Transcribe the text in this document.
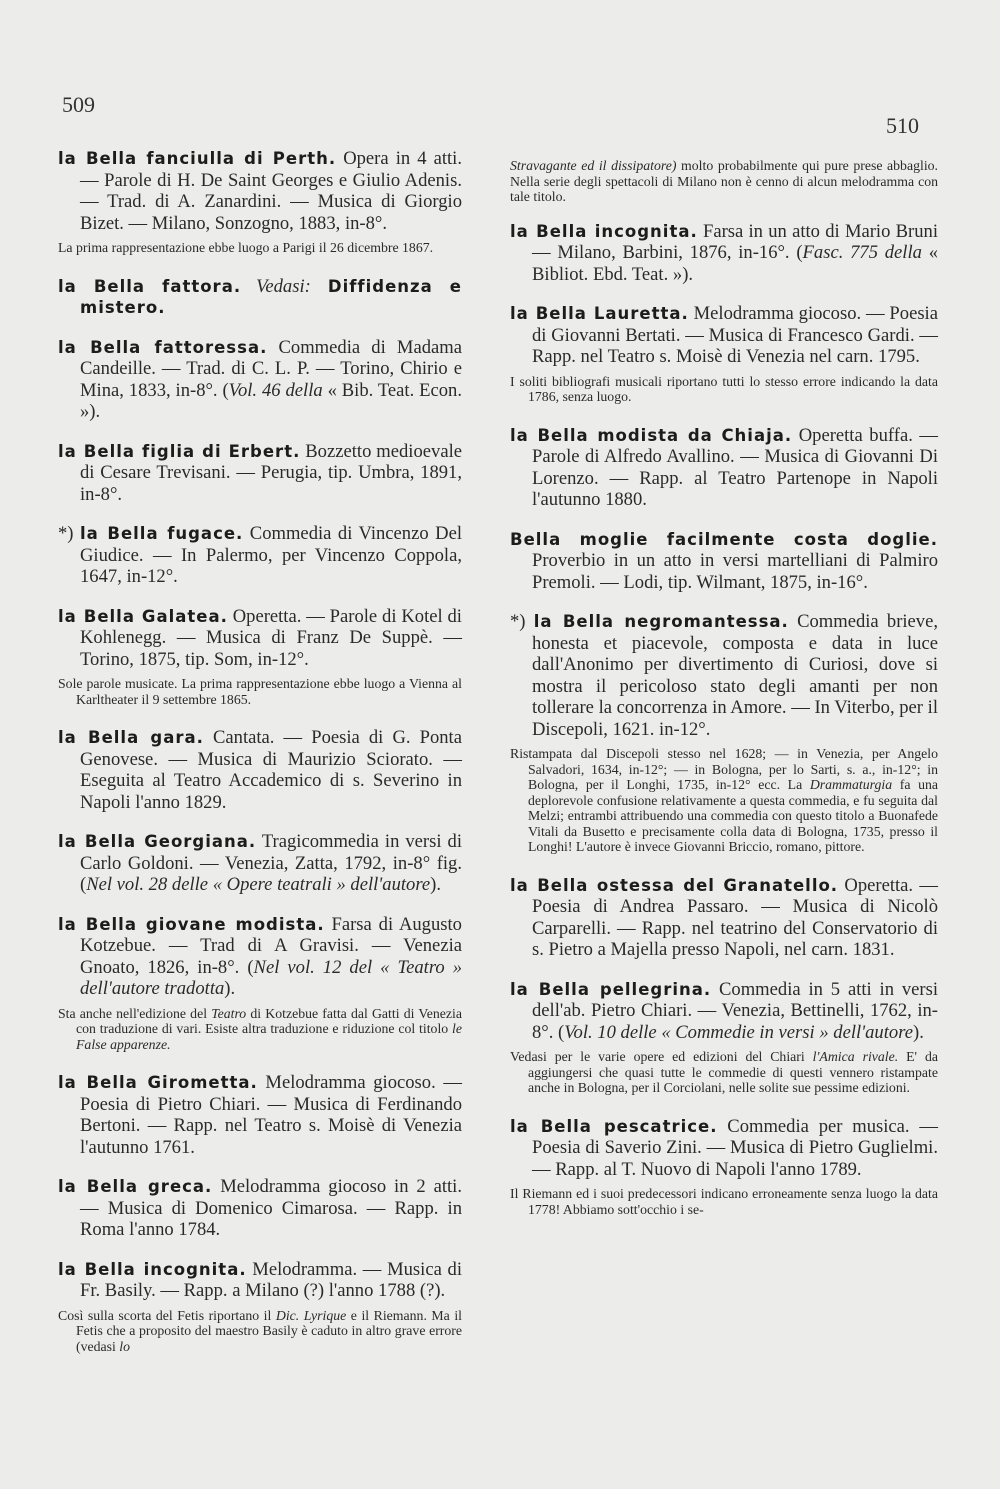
509
510

la Bella fanciulla di Perth. Opera in 4 atti. — Parole di H. De Saint Georges e Giulio Adenis. — Trad. di A. Zanardini. — Musica di Giorgio Bizet. — Milano, Sonzogno, 1883, in-8°.

La prima rappresentazione ebbe luogo a Parigi il 26 dicembre 1867.

la Bella fattora. Vedasi: Diffidenza e mistero.

la Bella fattoressa. Commedia di Madama Candeille. — Trad. di C. L. P. — Torino, Chirio e Mina, 1833, in-8°. (Vol. 46 della « Bib. Teat. Econ. »).

la Bella figlia di Erbert. Bozzetto medioevale di Cesare Trevisani. — Perugia, tip. Umbra, 1891, in-8°.

*) la Bella fugace. Commedia di Vincenzo Del Giudice. — In Palermo, per Vincenzo Coppola, 1647, in-12°.

la Bella Galatea. Operetta. — Parole di Kotel di Kohlenegg. — Musica di Franz De Suppè. — Torino, 1875, tip. Som, in-12°.

Sole parole musicate. La prima rappresentazione ebbe luogo a Vienna al Karltheater il 9 settembre 1865.

la Bella gara. Cantata. — Poesia di G. Ponta Genovese. — Musica di Maurizio Sciorato. — Eseguita al Teatro Accademico di s. Severino in Napoli l'anno 1829.

la Bella Georgiana. Tragicommedia in versi di Carlo Goldoni. — Venezia, Zatta, 1792, in-8° fig. (Nel vol. 28 delle « Opere teatrali » dell'autore).

la Bella giovane modista. Farsa di Augusto Kotzebue. — Trad di A Gravisi. — Venezia Gnoato, 1826, in-8°. (Nel vol. 12 del « Teatro » dell'autore tradotta).

Sta anche nell'edizione del Teatro di Kotzebue fatta dal Gatti di Venezia con traduzione di vari. Esiste altra traduzione e riduzione col titolo le False apparenze.

la Bella Girometta. Melodramma giocoso. — Poesia di Pietro Chiari. — Musica di Ferdinando Bertoni. — Rapp. nel Teatro s. Moisè di Venezia l'autunno 1761.

la Bella greca. Melodramma giocoso in 2 atti. — Musica di Domenico Cimarosa. — Rapp. in Roma l'anno 1784.

la Bella incognita. Melodramma. — Musica di Fr. Basily. — Rapp. a Milano (?) l'anno 1788 (?).

Così sulla scorta del Fetis riportano il Dic. Lyrique e il Riemann. Ma il Fetis che a proposito del maestro Basily è caduto in altro grave errore (vedasi lo

Stravagante ed il dissipatore) molto probabilmente qui pure prese abbaglio. Nella serie degli spettacoli di Milano non è cenno di alcun melodramma con tale titolo.

la Bella incognita. Farsa in un atto di Mario Bruni — Milano, Barbini, 1876, in-16°. (Fasc. 775 della « Bibliot. Ebd. Teat. »).

la Bella Lauretta. Melodramma giocoso. — Poesia di Giovanni Bertati. — Musica di Francesco Gardi. — Rapp. nel Teatro s. Moisè di Venezia nel carn. 1795.

I soliti bibliografi musicali riportano tutti lo stesso errore indicando la data 1786, senza luogo.

la Bella modista da Chiaja. Operetta buffa. — Parole di Alfredo Avallino. — Musica di Giovanni Di Lorenzo. — Rapp. al Teatro Partenope in Napoli l'autunno 1880.

Bella moglie facilmente costa doglie. Proverbio in un atto in versi martelliani di Palmiro Premoli. — Lodi, tip. Wilmant, 1875, in-16°.

*) la Bella negromantessa. Commedia brieve, honesta et piacevole, composta e data in luce dall'Anonimo per divertimento di Curiosi, dove si mostra il pericoloso stato degli amanti per non tollerare la concorrenza in Amore. — In Viterbo, per il Discepoli, 1621. in-12°.

Ristampata dal Discepoli stesso nel 1628; — in Venezia, per Angelo Salvadori, 1634, in-12°; — in Bologna, per lo Sarti, s. a., in-12°; in Bologna, per il Longhi, 1735, in-12° ecc. La Drammaturgia fa una deplorevole confusione relativamente a questa commedia, e fu seguita dal Melzi; entrambi attribuendo una commedia con questo titolo a Buonafede Vitali da Busetto e precisamente colla data di Bologna, 1735, presso il Longhi! L'autore è invece Giovanni Briccio, romano, pittore.

la Bella ostessa del Granatello. Operetta. — Poesia di Andrea Passaro. — Musica di Nicolò Carparelli. — Rapp. nel teatrino del Conservatorio di s. Pietro a Majella presso Napoli, nel carn. 1831.

la Bella pellegrina. Commedia in 5 atti in versi dell'ab. Pietro Chiari. — Venezia, Bettinelli, 1762, in-8°. (Vol. 10 delle « Commedie in versi » dell'autore).

Vedasi per le varie opere ed edizioni del Chiari l'Amica rivale. E' da aggiungersi che quasi tutte le commedie di questi vennero ristampate anche in Bologna, per il Corciolani, nelle solite sue pessime edizioni.

la Bella pescatrice. Commedia per musica. — Poesia di Saverio Zini. — Musica di Pietro Guglielmi. — Rapp. al T. Nuovo di Napoli l'anno 1789.

Il Riemann ed i suoi predecessori indicano erroneamente senza luogo la data 1778! Abbiamo sott'occhio i se-
